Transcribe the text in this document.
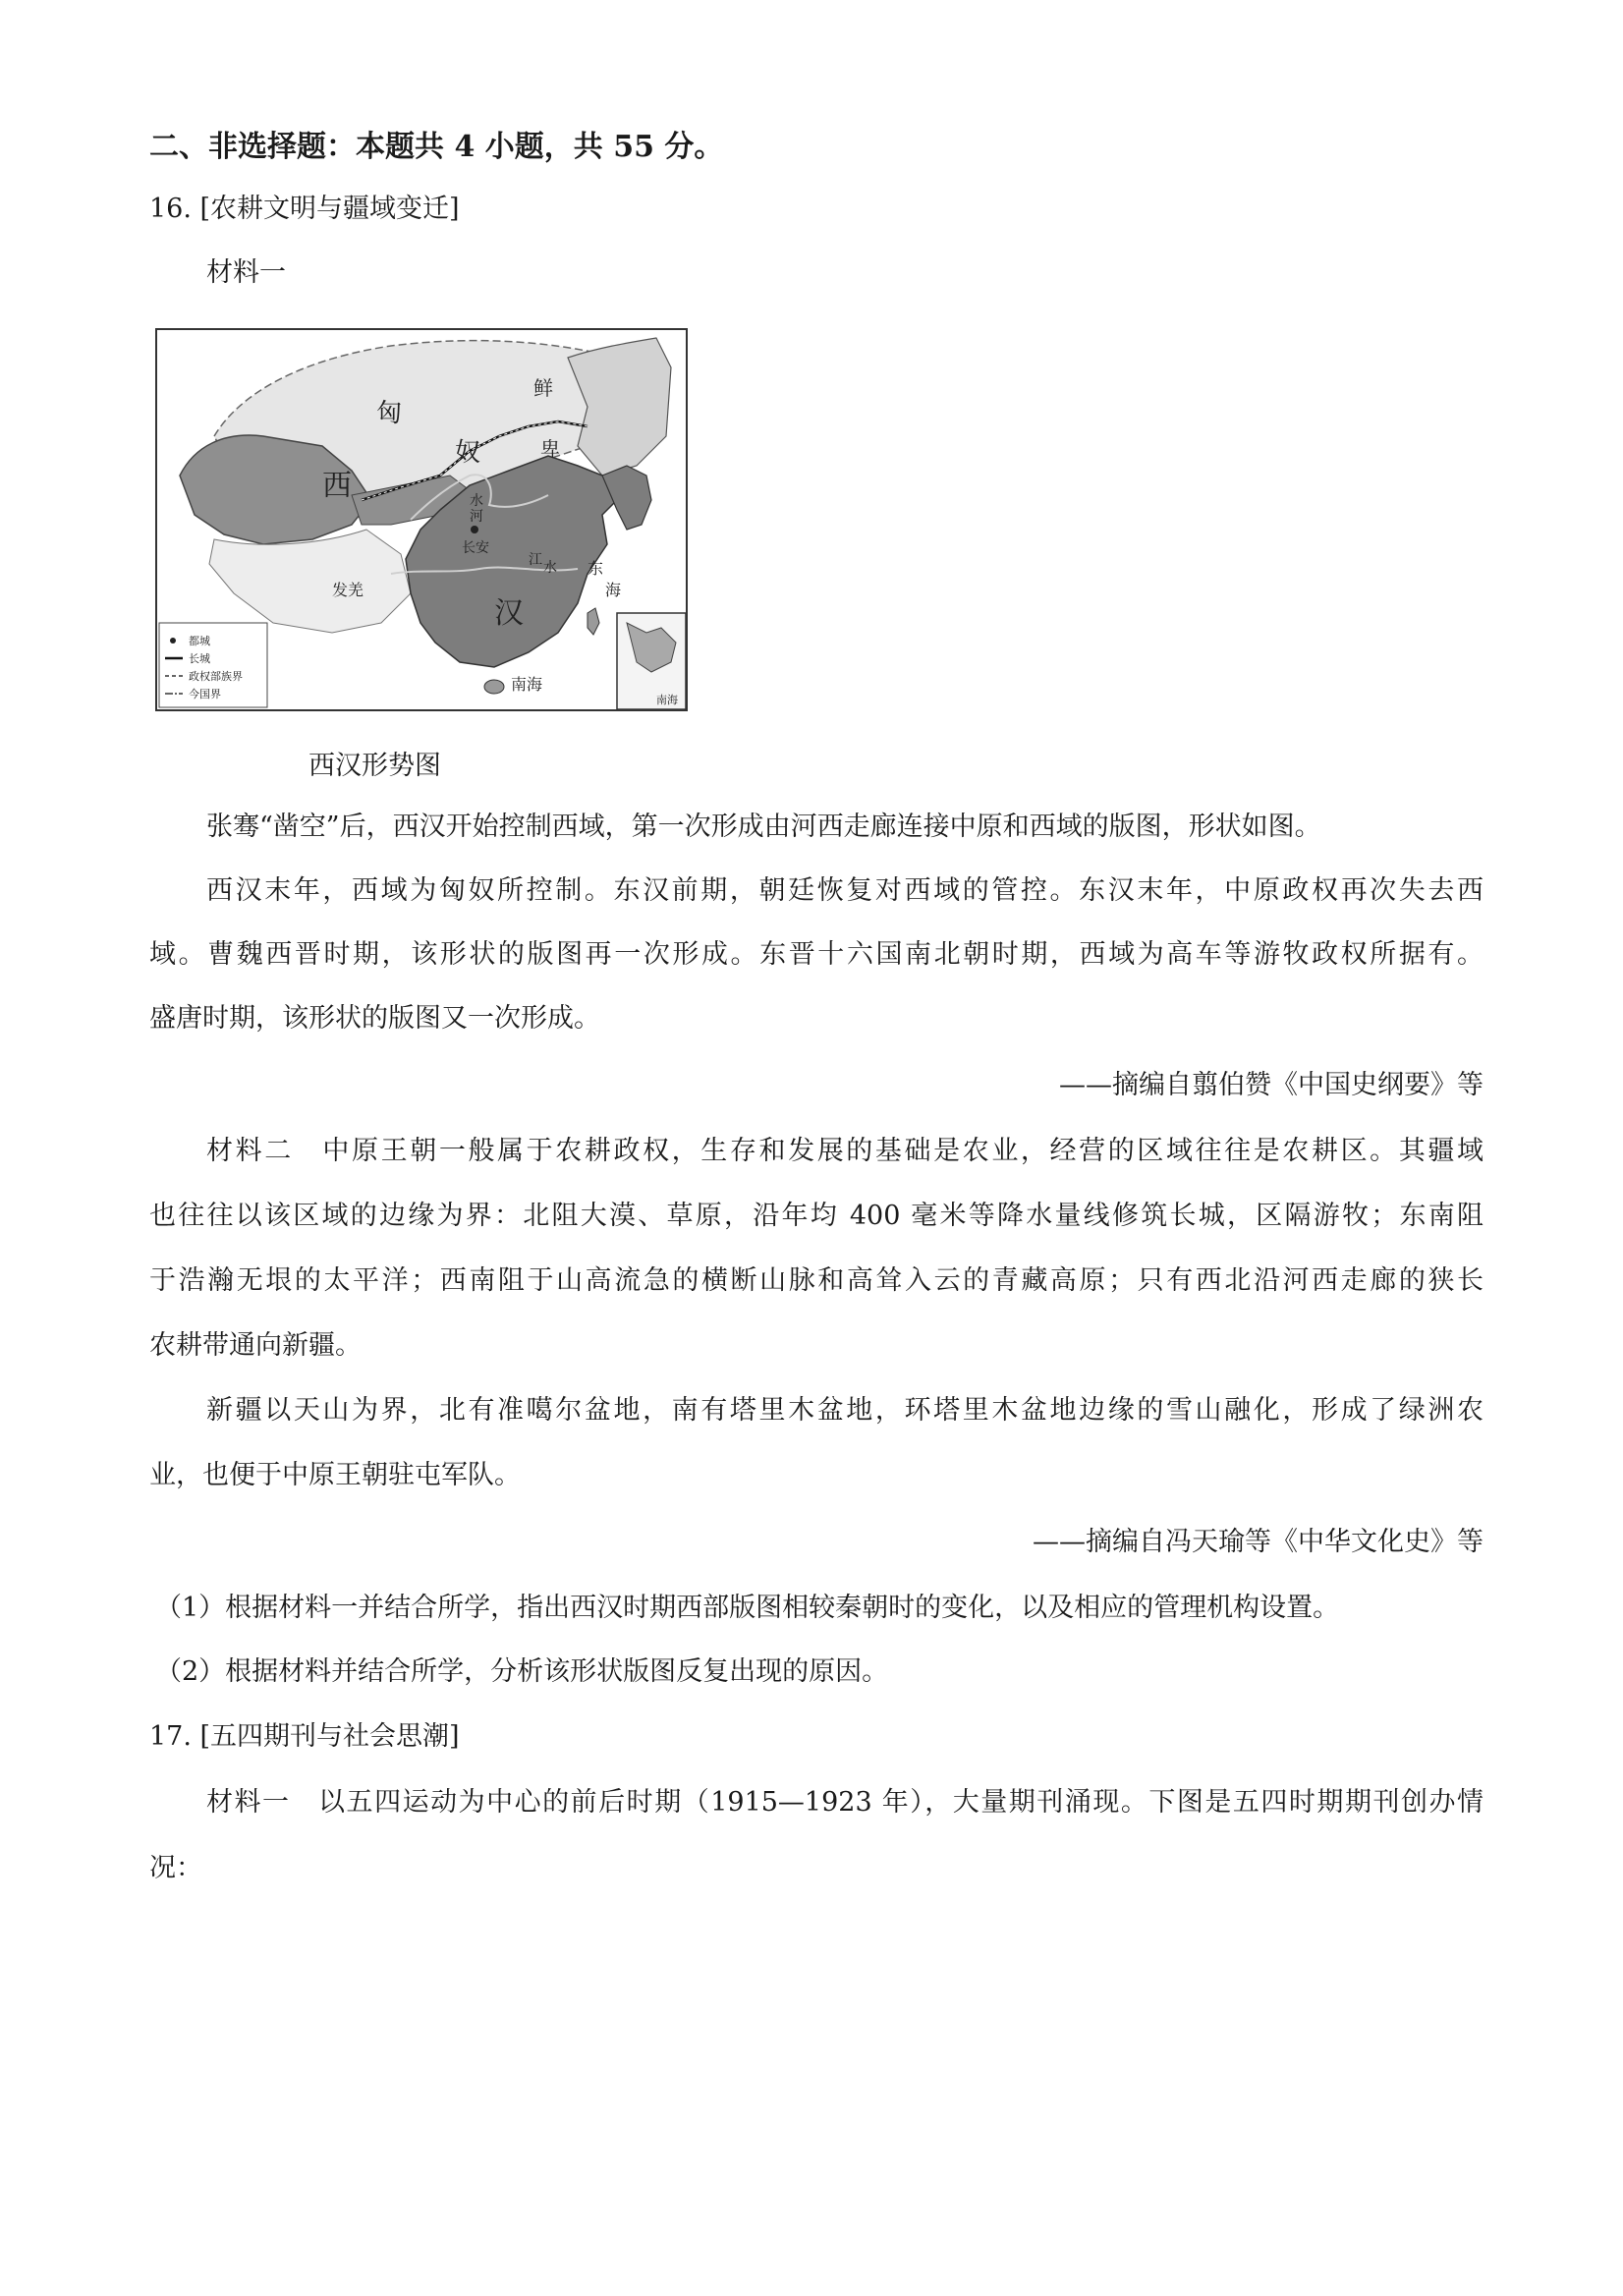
二、非选择题：本题共 4 小题，共 55 分。
16. [农耕文明与疆域变迁]
材料一
都城
长城
政权部族界
今国界
匈
奴
鲜
卑
西
汉
长安
发羌
东
海
南海
河
水
江 水
南海
西汉形势图
张骞“凿空”后，西汉开始控制西域，第一次形成由河西走廊连接中原和西域的版图，形状如图。
西汉末年，西域为匈奴所控制。东汉前期，朝廷恢复对西域的管控。东汉末年，中原政权再次失去西
域。曹魏西晋时期，该形状的版图再一次形成。东晋十六国南北朝时期，西域为高车等游牧政权所据有。
盛唐时期，该形状的版图又一次形成。
——摘编自翦伯赞《中国史纲要》等
材料二　中原王朝一般属于农耕政权，生存和发展的基础是农业，经营的区域往往是农耕区。其疆域
也往往以该区域的边缘为界：北阻大漠、草原，沿年均 400 毫米等降水量线修筑长城，区隔游牧；东南阻
于浩瀚无垠的太平洋；西南阻于山高流急的横断山脉和高耸入云的青藏高原；只有西北沿河西走廊的狭长
农耕带通向新疆。
新疆以天山为界，北有准噶尔盆地，南有塔里木盆地，环塔里木盆地边缘的雪山融化，形成了绿洲农
业，也便于中原王朝驻屯军队。
——摘编自冯天瑜等《中华文化史》等
（1）根据材料一并结合所学，指出西汉时期西部版图相较秦朝时的变化，以及相应的管理机构设置。
（2）根据材料并结合所学，分析该形状版图反复出现的原因。
17. [五四期刊与社会思潮]
材料一　以五四运动为中心的前后时期（1915—1923 年），大量期刊涌现。下图是五四时期期刊创办情
况：
